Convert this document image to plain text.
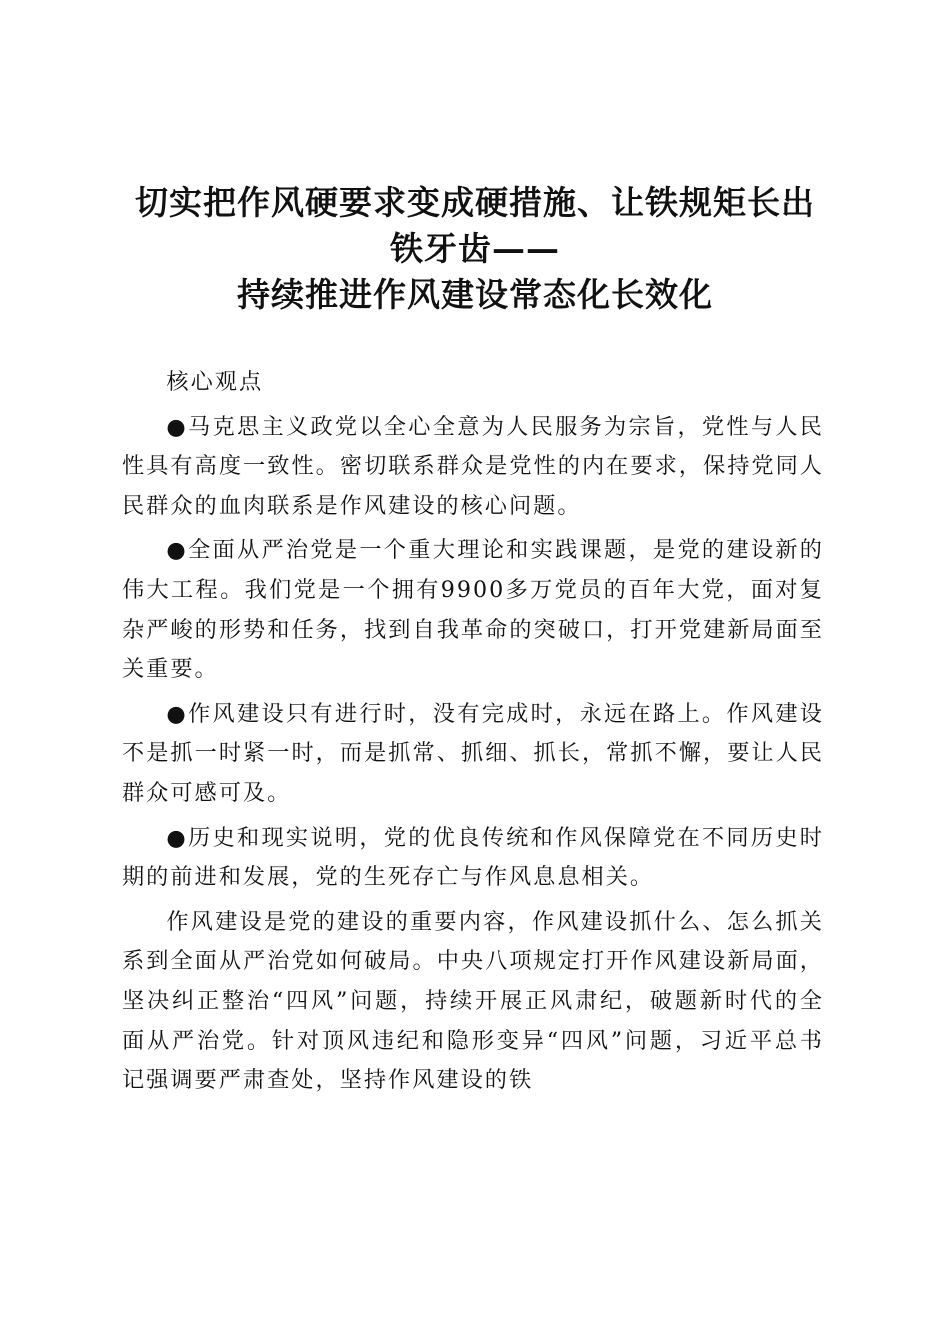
切实把作风硬要求变成硬措施、让铁规矩长出
铁牙齿——
持续推进作风建设常态化长效化

核心观点

●马克思主义政党以全心全意为人民服务为宗旨，党性与人民性具有高度一致性。密切联系群众是党性的内在要求，保持党同人民群众的血肉联系是作风建设的核心问题。

●全面从严治党是一个重大理论和实践课题，是党的建设新的伟大工程。我们党是一个拥有9900多万党员的百年大党，面对复杂严峻的形势和任务，找到自我革命的突破口，打开党建新局面至关重要。

●作风建设只有进行时，没有完成时，永远在路上。作风建设不是抓一时紧一时，而是抓常、抓细、抓长，常抓不懈，要让人民群众可感可及。

●历史和现实说明，党的优良传统和作风保障党在不同历史时期的前进和发展，党的生死存亡与作风息息相关。

作风建设是党的建设的重要内容，作风建设抓什么、怎么抓关系到全面从严治党如何破局。中央八项规定打开作风建设新局面，坚决纠正整治“四风”问题，持续开展正风肃纪，破题新时代的全面从严治党。针对顶风违纪和隐形变异“四风”问题，习近平总书记强调要严肃查处，坚持作风建设的铁
